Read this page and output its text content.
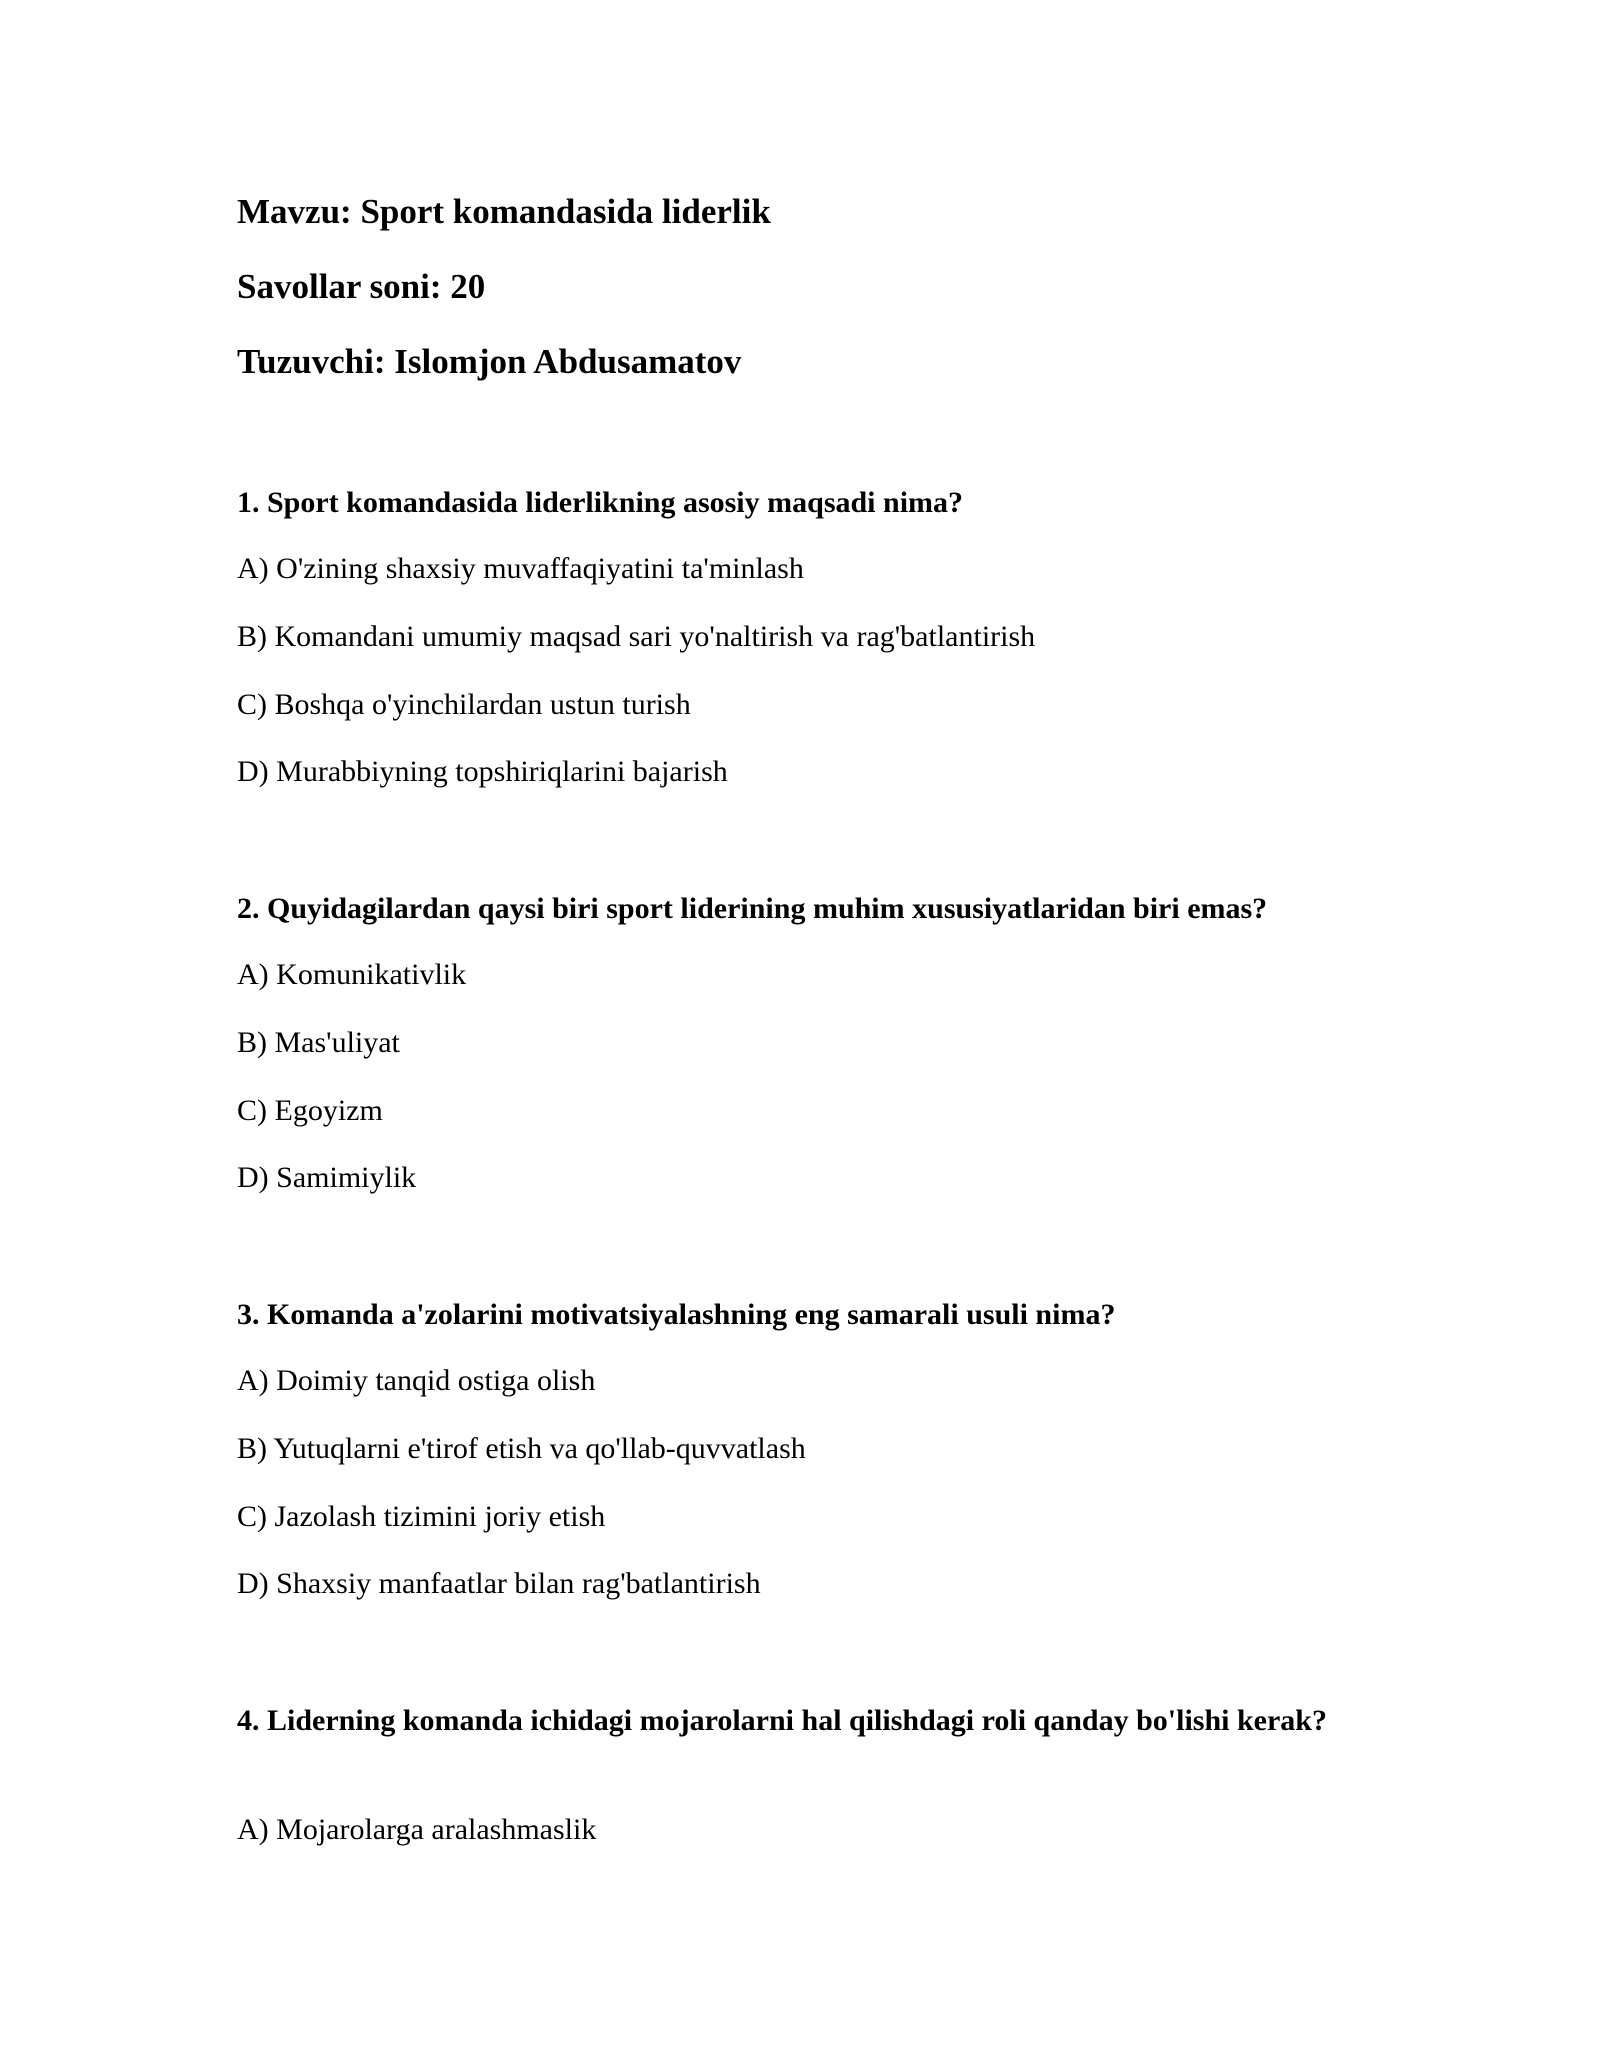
Mavzu: Sport komandasida liderlik
Savollar soni: 20
Tuzuvchi: Islomjon Abdusamatov
1. Sport komandasida liderlikning asosiy maqsadi nima?
A) O'zining shaxsiy muvaffaqiyatini ta'minlash
B) Komandani umumiy maqsad sari yo'naltirish va rag'batlantirish
C) Boshqa o'yinchilardan ustun turish
D) Murabbiyning topshiriqlarini bajarish
2. Quyidagilardan qaysi biri sport liderining muhim xususiyatlaridan biri emas?
A) Komunikativlik
B) Mas'uliyat
C) Egoyizm
D) Samimiylik
3. Komanda a'zolarini motivatsiyalashning eng samarali usuli nima?
A) Doimiy tanqid ostiga olish
B) Yutuqlarni e'tirof etish va qo'llab-quvvatlash
C) Jazolash tizimini joriy etish
D) Shaxsiy manfaatlar bilan rag'batlantirish
4. Liderning komanda ichidagi mojarolarni hal qilishdagi roli qanday bo'lishi kerak?
A) Mojarolarga aralashmaslik
